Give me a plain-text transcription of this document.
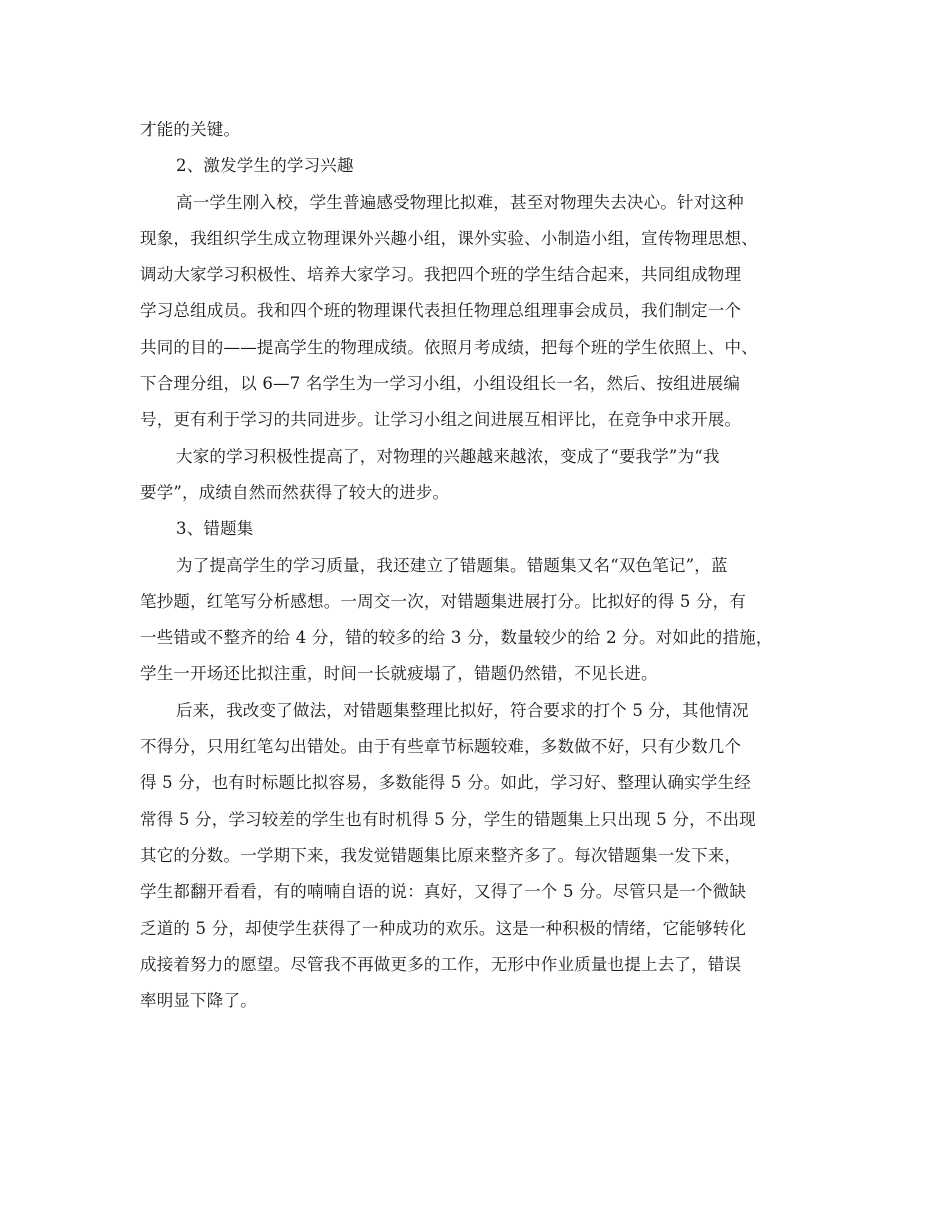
才能的关键。
2、激发学生的学习兴趣
高一学生刚入校，学生普遍感受物理比拟难，甚至对物理失去决心。针对这种
现象，我组织学生成立物理课外兴趣小组，课外实验、小制造小组，宣传物理思想、
调动大家学习积极性、培养大家学习。我把四个班的学生结合起来，共同组成物理
学习总组成员。我和四个班的物理课代表担任物理总组理事会成员，我们制定一个
共同的目的——提高学生的物理成绩。依照月考成绩，把每个班的学生依照上、中、
下合理分组，以 6—7 名学生为一学习小组，小组设组长一名，然后、按组进展编
号，更有利于学习的共同进步。让学习小组之间进展互相评比，在竞争中求开展。
大家的学习积极性提高了，对物理的兴趣越来越浓，变成了“要我学”为“我
要学”，成绩自然而然获得了较大的进步。
3、错题集
为了提高学生的学习质量，我还建立了错题集。错题集又名“双色笔记”，蓝
笔抄题，红笔写分析感想。一周交一次，对错题集进展打分。比拟好的得 5 分，有
一些错或不整齐的给 4 分，错的较多的给 3 分，数量较少的给 2 分。对如此的措施，
学生一开场还比拟注重，时间一长就疲塌了，错题仍然错，不见长进。
后来，我改变了做法，对错题集整理比拟好，符合要求的打个 5 分，其他情况
不得分，只用红笔勾出错处。由于有些章节标题较难，多数做不好，只有少数几个
得 5 分，也有时标题比拟容易，多数能得 5 分。如此，学习好、整理认确实学生经
常得 5 分，学习较差的学生也有时机得 5 分，学生的错题集上只出现 5 分，不出现
其它的分数。一学期下来，我发觉错题集比原来整齐多了。每次错题集一发下来，
学生都翻开看看，有的喃喃自语的说：真好，又得了一个 5 分。尽管只是一个微缺
乏道的 5 分，却使学生获得了一种成功的欢乐。这是一种积极的情绪，它能够转化
成接着努力的愿望。尽管我不再做更多的工作，无形中作业质量也提上去了，错误
率明显下降了。
